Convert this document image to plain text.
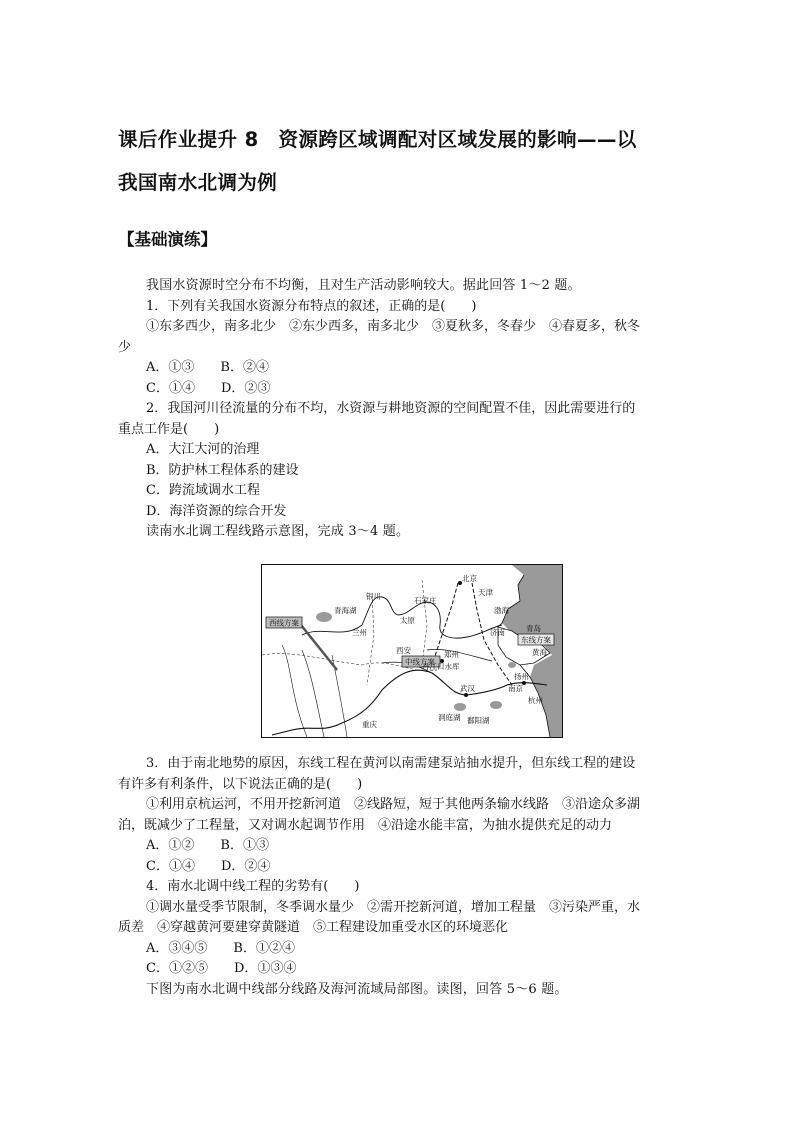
课后作业提升 8　资源跨区域调配对区域发展的影响——以
我国南水北调为例
【基础演练】

我国水资源时空分布不均衡，且对生产活动影响较大。据此回答 1～2 题。

1．下列有关我国水资源分布特点的叙述，正确的是(　　)

①东多西少，南多北少　②东少西多，南多北少　③夏秋多，冬春少　④春夏多，秋冬

少

A．①③　　B．②④

C．①④　　D．②③

2．我国河川径流量的分布不均，水资源与耕地资源的空间配置不佳，因此需要进行的

重点工作是(　　)

A．大江大河的治理

B．防护林工程体系的建设

C．跨流域调水工程

D．海洋资源的综合开发

读南水北调工程线路示意图，完成 3～4 题。

西线方案
中线方案
东线方案
北京
天津
石家庄
太原
渤海
济南	青岛
黄海
郑州
西安
兰州
银川
武汉
扬州
南京
杭州
重庆
丹江口水库
鄱阳湖
洞庭湖
青海湖

3．由于南北地势的原因，东线工程在黄河以南需建泵站抽水提升，但东线工程的建设

有许多有利条件，以下说法正确的是(　　)

①利用京杭运河，不用开挖新河道　②线路短，短于其他两条输水线路　③沿途众多湖

泊，既减少了工程量，又对调水起调节作用　④沿途水能丰富，为抽水提供充足的动力

A．①②　　B．①③

C．①④　　D．②④

4．南水北调中线工程的劣势有(　　)

①调水量受季节限制，冬季调水量少　②需开挖新河道，增加工程量　③污染严重，水

质差　④穿越黄河要建穿黄隧道　⑤工程建设加重受水区的环境恶化

A．③④⑤　　B．①②④

C．①②⑤　　D．①③④

下图为南水北调中线部分线路及海河流域局部图。读图，回答 5～6 题。
